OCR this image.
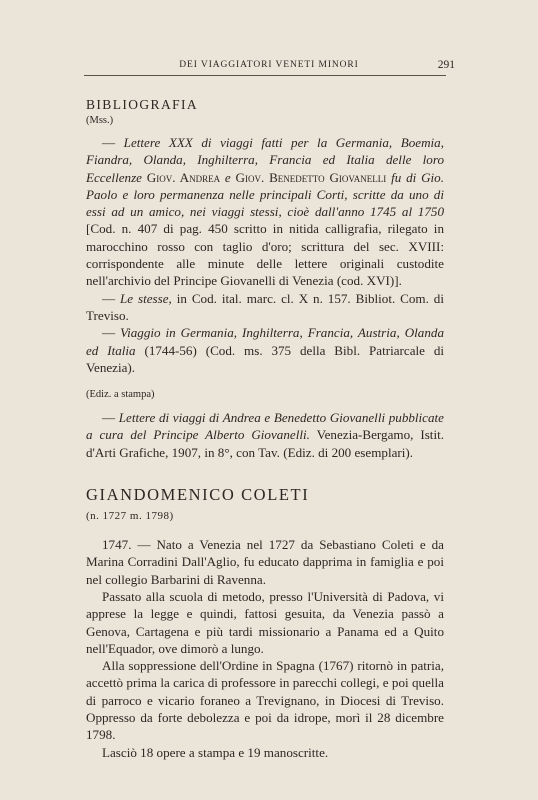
DEI VIAGGIATORI VENETI MINORI	291

BIBLIOGRAFIA

(Mss.)

— Lettere XXX di viaggi fatti per la Germania, Boemia, Fiandra, Olanda, Inghilterra, Francia ed Italia delle loro Eccellenze Giov. Andrea e Giov. Benedetto Giovanelli fu di Gio. Paolo e loro permanenza nelle principali Corti, scritte da uno di essi ad un amico, nei viaggi stessi, cioè dall'anno 1745 al 1750 [Cod. n. 407 di pag. 450 scritto in nitida calligrafia, rilegato in marocchino rosso con taglio d'oro; scrittura del sec. XVIII: corrispondente alle minute delle lettere originali custodite nell'archivio del Principe Giovanelli di Venezia (cod. XVI)].

— Le stesse, in Cod. ital. marc. cl. X n. 157. Bibliot. Com. di Treviso.

— Viaggio in Germania, Inghilterra, Francia, Austria, Olanda ed Italia (1744-56) (Cod. ms. 375 della Bibl. Patriarcale di Venezia).

(Ediz. a stampa)

— Lettere di viaggi di Andrea e Benedetto Giovanelli pubblicate a cura del Principe Alberto Giovanelli. Venezia-Bergamo, Istit. d'Arti Grafiche, 1907, in 8°, con Tav. (Ediz. di 200 esemplari).

GIANDOMENICO COLETI

(n. 1727 m. 1798)

1747. — Nato a Venezia nel 1727 da Sebastiano Coleti e da Marina Corradini Dall'Aglio, fu educato dapprima in famiglia e poi nel collegio Barbarini di Ravenna.

Passato alla scuola di metodo, presso l'Università di Padova, vi apprese la legge e quindi, fattosi gesuita, da Venezia passò a Genova, Cartagena e più tardi missionario a Panama ed a Quito nell'Equador, ove dimorò a lungo.

Alla soppressione dell'Ordine in Spagna (1767) ritornò in patria, accettò prima la carica di professore in parecchi collegi, e poi quella di parroco e vicario foraneo a Trevignano, in Diocesi di Treviso. Oppresso da forte debolezza e poi da idrope, morì il 28 dicembre 1798.

Lasciò 18 opere a stampa e 19 manoscritte.
